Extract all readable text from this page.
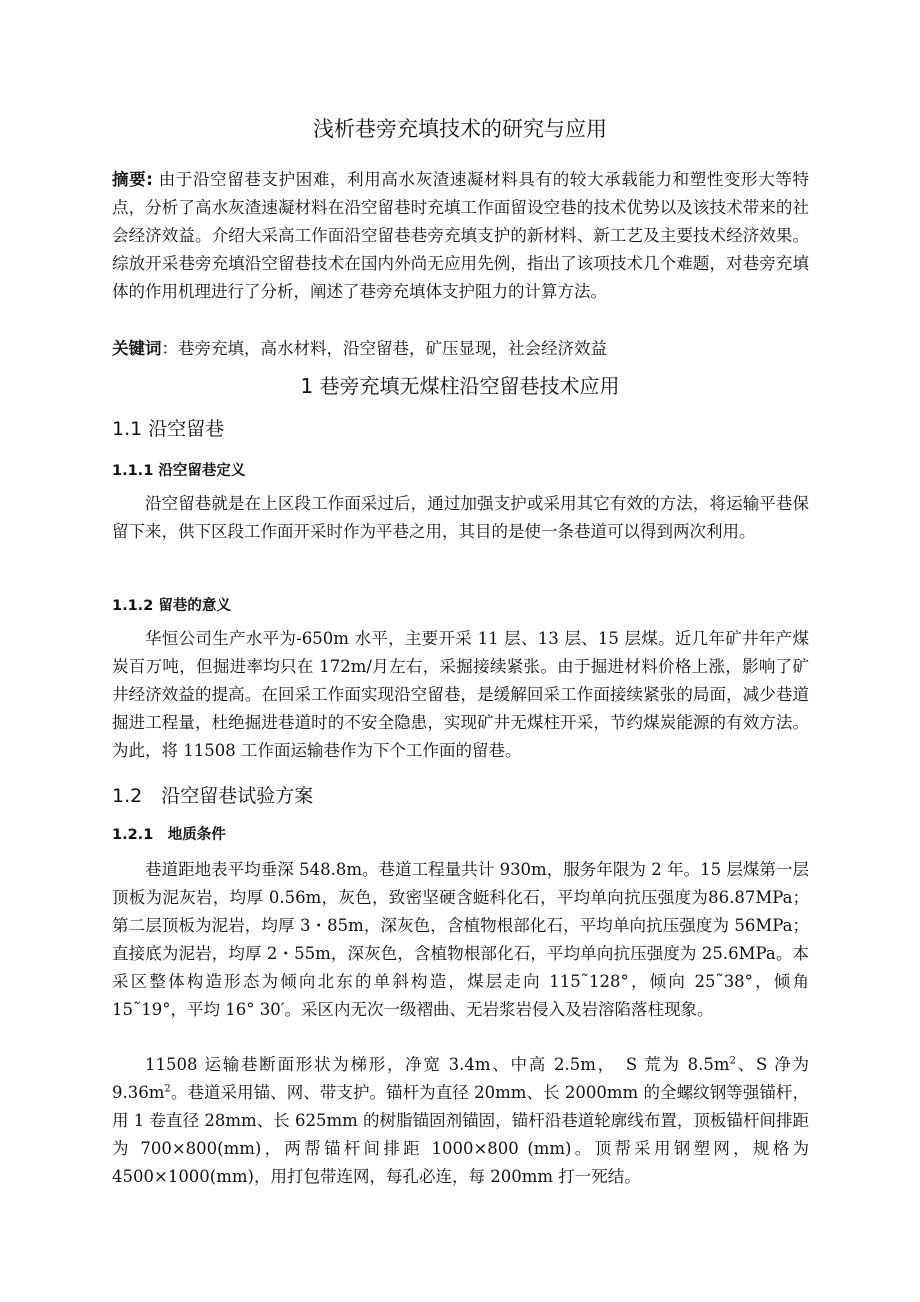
浅析巷旁充填技术的研究与应用
摘要: 由于沿空留巷支护困难，利用高水灰渣速凝材料具有的较大承载能力和塑性变形大等特点，分析了高水灰渣速凝材料在沿空留巷时充填工作面留设空巷的技术优势以及该技术带来的社会经济效益。介绍大采高工作面沿空留巷巷旁充填支护的新材料、新工艺及主要技术经济效果。综放开采巷旁充填沿空留巷技术在国内外尚无应用先例，指出了该项技术几个难题，对巷旁充填体的作用机理进行了分析，阐述了巷旁充填体支护阻力的计算方法。
关键词：巷旁充填，高水材料，沿空留巷，矿压显现，社会经济效益
1 巷旁充填无煤柱沿空留巷技术应用
1.1 沿空留巷
1.1.1 沿空留巷定义
沿空留巷就是在上区段工作面采过后，通过加强支护或采用其它有效的方法，将运输平巷保留下来，供下区段工作面开采时作为平巷之用，其目的是使一条巷道可以得到两次利用。
1.1.2 留巷的意义
华恒公司生产水平为-650m 水平，主要开采 11 层、13 层、15 层煤。近几年矿井年产煤炭百万吨，但掘进率均只在 172m/月左右，采掘接续紧张。由于掘进材料价格上涨，影响了矿井经济效益的提高。在回采工作面实现沿空留巷，是缓解回采工作面接续紧张的局面，减少巷道掘进工程量，杜绝掘进巷道时的不安全隐患，实现矿井无煤柱开采，节约煤炭能源的有效方法。为此，将 11508 工作面运输巷作为下个工作面的留巷。
1.2　沿空留巷试验方案
1.2.1　地质条件
巷道距地表平均垂深 548.8m。巷道工程量共计 930m，服务年限为 2 年。15 层煤第一层顶板为泥灰岩，均厚 0.56m，灰色，致密坚硬含蜓科化石，平均单向抗压强度为86.87MPa；第二层顶板为泥岩，均厚 3・85m，深灰色，含植物根部化石，平均单向抗压强度为 56MPa；直接底为泥岩，均厚 2・55m，深灰色，含植物根部化石，平均单向抗压强度为 25.6MPa。本采区整体构造形态为倾向北东的单斜构造，煤层走向 115˜128°，倾向 25˜38°，倾角 15˜19°，平均 16° 30′。采区内无次一级褶曲、无岩浆岩侵入及岩溶陷落柱现象。
11508 运输巷断面形状为梯形，净宽 3.4m、中高 2.5m，　S 荒为 $8.5m^2$、S 净为 $9.36m^2$。巷道采用锚、网、带支护。锚杆为直径 20mm、长 2000mm 的全螺纹钢等强锚杆，用 1 卷直径 28mm、长 625mm 的树脂锚固剂锚固，锚杆沿巷道轮廓线布置，顶板锚杆间排距为 700×800(mm)，两帮锚杆间排距 1000×800 (mm)。顶帮采用钢塑网，规格为 4500×1000(mm)，用打包带连网，每孔必连，每 200mm 打一死结。
